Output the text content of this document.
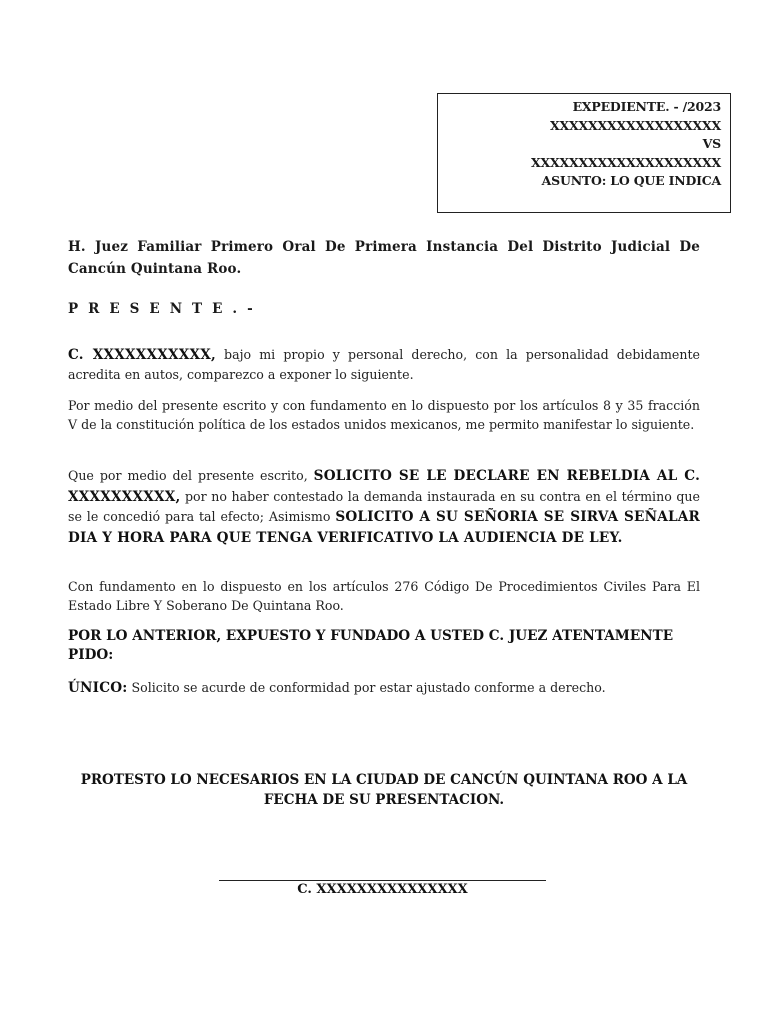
EXPEDIENTE. - /2023
XXXXXXXXXXXXXXXXXX
VS
XXXXXXXXXXXXXXXXXXXX
ASUNTO: LO QUE INDICA
H. Juez Familiar Primero Oral De Primera Instancia Del Distrito Judicial De Cancún Quintana Roo.
PRESENTE.-
C. XXXXXXXXXXX, bajo mi propio y personal derecho, con la personalidad debidamente acredita en autos, comparezco a exponer lo siguiente.
Por medio del presente escrito y con fundamento en lo dispuesto por los artículos 8 y 35 fracción V de la constitución política de los estados unidos mexicanos, me permito manifestar lo siguiente.
Que por medio del presente escrito, SOLICITO SE LE DECLARE EN REBELDIA AL C. XXXXXXXXXX, por no haber contestado la demanda instaurada en su contra en el término que se le concedió para tal efecto; Asimismo SOLICITO A SU SEÑORIA SE SIRVA SEÑALAR DIA Y HORA PARA QUE TENGA VERIFICATIVO LA AUDIENCIA DE LEY.
Con fundamento en lo dispuesto en los artículos 276 Código De Procedimientos Civiles Para El Estado Libre Y Soberano De Quintana Roo.
POR LO ANTERIOR, EXPUESTO Y FUNDADO A USTED C. JUEZ ATENTAMENTE PIDO:
ÚNICO: Solicito se acurde de conformidad por estar ajustado conforme a derecho.
PROTESTO LO NECESARIOS EN LA CIUDAD DE CANCÚN QUINTANA ROO A LA FECHA DE SU PRESENTACION.
C. XXXXXXXXXXXXXXX
